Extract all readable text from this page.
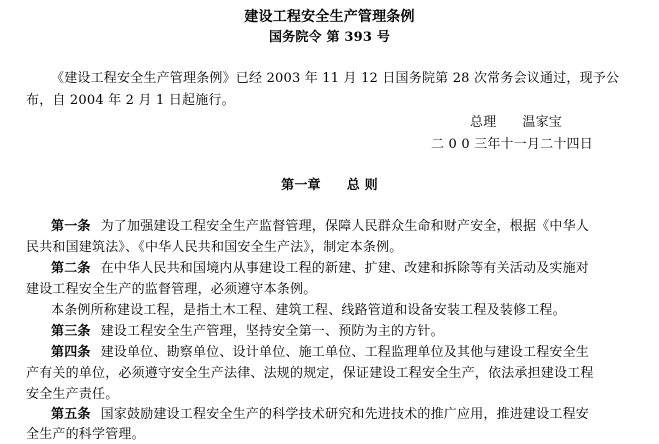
建设工程安全生产管理条例
国务院令 第 393 号
《建设工程安全生产管理条例》已经 2003 年 11 月 12 日国务院第 28 次常务会议通过，现予公
布，自 2004 年 2 月 1 日起施行。
总理 温家宝
二 0 0 三年十一月二十四日
第一章 总 则
第一条 为了加强建设工程安全生产监督管理，保障人民群众生命和财产安全，根据《中华人
民共和国建筑法》、《中华人民共和国安全生产法》，制定本条例。
第二条 在中华人民共和国境内从事建设工程的新建、扩建、改建和拆除等有关活动及实施对
建设工程安全生产的监督管理，必须遵守本条例。
本条例所称建设工程，是指土木工程、建筑工程、线路管道和设备安装工程及装修工程。
第三条 建设工程安全生产管理，坚持安全第一、预防为主的方针。
第四条 建设单位、勘察单位、设计单位、施工单位、工程监理单位及其他与建设工程安全生
产有关的单位，必须遵守安全生产法律、法规的规定，保证建设工程安全生产，依法承担建设工程
安全生产责任。
第五条 国家鼓励建设工程安全生产的科学技术研究和先进技术的推广应用，推进建设工程安
全生产的科学管理。
